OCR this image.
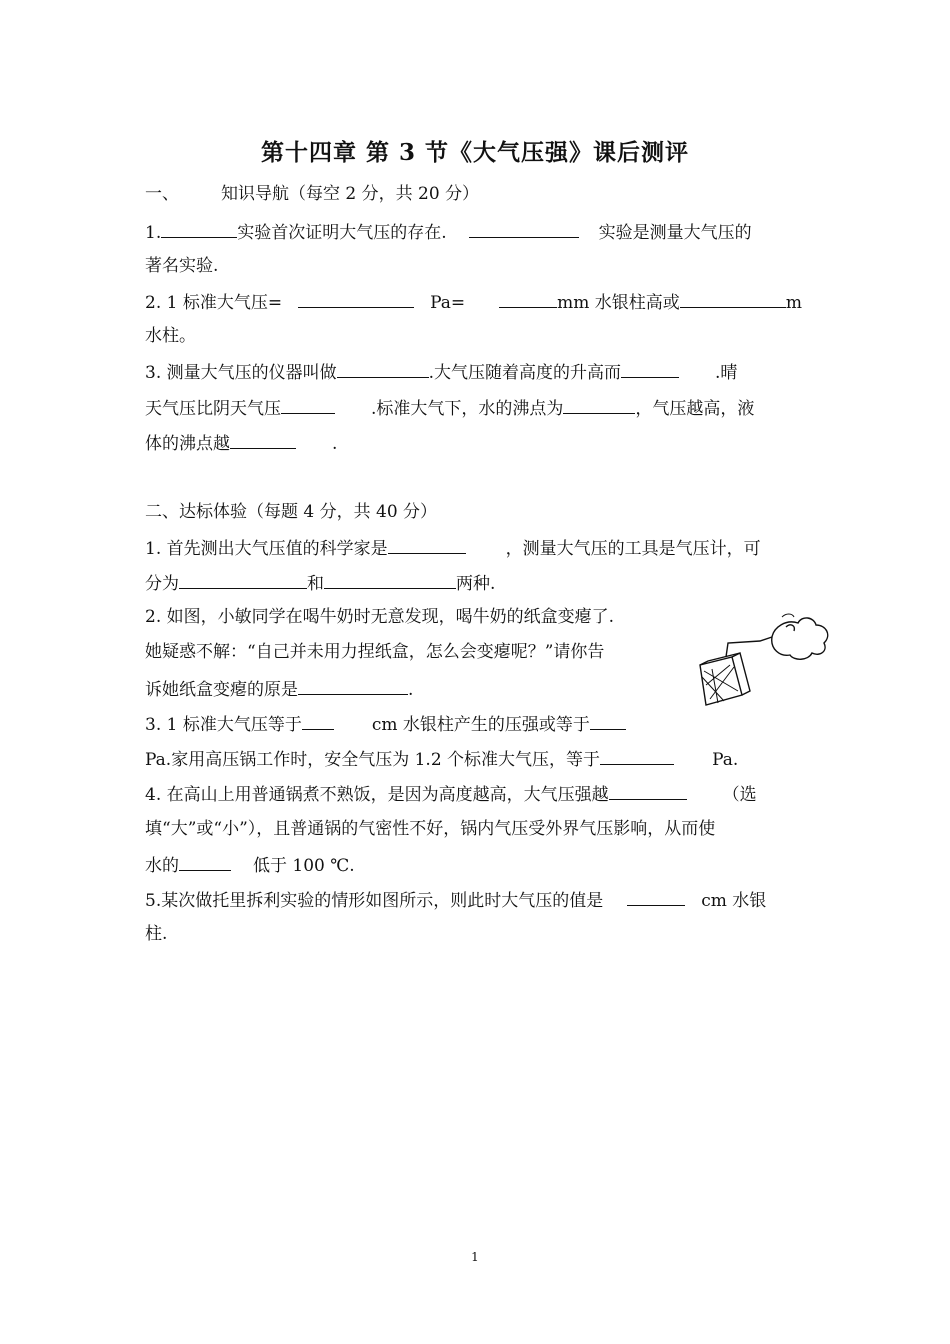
第十四章 第 3 节《大气压强》课后测评
一、 知识导航（每空 2 分，共 20 分）
1.	实验首次证明大气压的存在.	实验是测量大气压的
著名实验.
2. 1 标准大气压=	Pa=	mm 水银柱高或	m
水柱。
3. 测量大气压的仪器叫做	.大气压随着高度的升高而	.晴
天气压比阴天气压	.标准大气下，水的沸点为	，气压越高，液
体的沸点越	.
二、达标体验（每题 4 分，共 40 分）
1. 首先测出大气压值的科学家是	，测量大气压的工具是气压计，可
分为	和	两种.
2. 如图，小敏同学在喝牛奶时无意发现，喝牛奶的纸盒变瘪了.
她疑惑不解：“自己并未用力捏纸盒，怎么会变瘪呢？”请你告
诉她纸盒变瘪的原是	.
3. 1 标准大气压等于	cm 水银柱产生的压强或等于
Pa.家用高压锅工作时，安全气压为 1.2 个标准大气压，等于	Pa.
4. 在高山上用普通锅煮不熟饭，是因为高度越高，大气压强越	（选
填“大”或“小”），且普通锅的气密性不好，锅内气压受外界气压影响，从而使
水的	低于 100 ℃.
5.某次做托里拆利实验的情形如图所示，则此时大气压的值是	cm 水银
柱.
1
